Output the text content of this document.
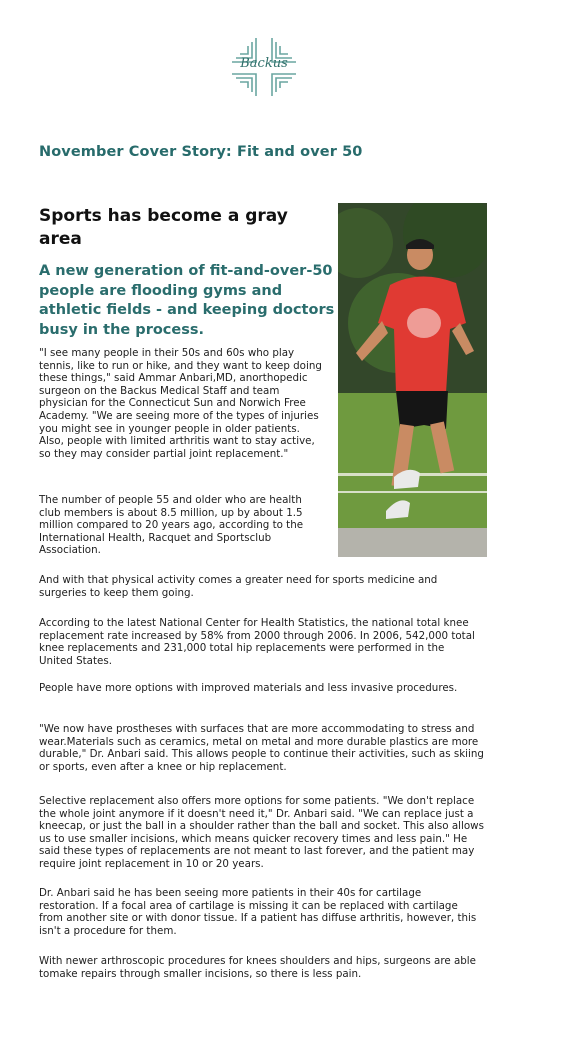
Backus
November Cover Story: Fit and over 50
Sports has become a gray area
A new generation of fit-and-over-50 people are flooding gyms and athletic fields - and keeping doctors busy in the process.

"I see many people in their 50s and 60s who play tennis, like to run or hike, and they want to keep doing these things," said Ammar Anbari,MD, anorthopedic surgeon on the Backus Medical Staff and team physician for the Connecticut Sun and Norwich Free Academy. "We are seeing more of the types of injuries you might see in younger people in older patients. Also, people with limited arthritis want to stay active, so they may consider partial joint replacement."

The number of people 55 and older who are health club members is about 8.5 million, up by about 1.5 million compared to 20 years ago, according to the International Health, Racquet and Sportsclub Association.

And with that physical activity comes a greater need for sports medicine and surgeries to keep them going.

According to the latest National Center for Health Statistics, the national total knee replacement rate increased by 58% from 2000 through 2006. In 2006, 542,000 total knee replacements and 231,000 total hip replacements were performed in the United States.

People have more options with improved materials and less invasive procedures.

"We now have prostheses with surfaces that are more accommodating to stress and wear.Materials such as ceramics, metal on metal and more durable plastics are more durable," Dr. Anbari said. This allows people to continue their activities, such as skiing or sports, even after a knee or hip replacement.

Selective replacement also offers more options for some patients. "We don't replace the whole joint anymore if it doesn't need it," Dr. Anbari said. "We can replace just a kneecap, or just the ball in a shoulder rather than the ball and socket. This also allows us to use smaller incisions, which means quicker recovery times and less pain." He said these types of replacements are not meant to last forever, and the patient may require joint replacement in 10 or 20 years.

Dr. Anbari said he has been seeing more patients in their 40s for cartilage restoration. If a focal area of cartilage is missing it can be replaced with cartilage from another site or with donor tissue. If a patient has diffuse arthritis, however, this isn't a procedure for them.

With newer arthroscopic procedures for knees shoulders and hips, surgeons are able tomake repairs through smaller incisions, so there is less pain.
